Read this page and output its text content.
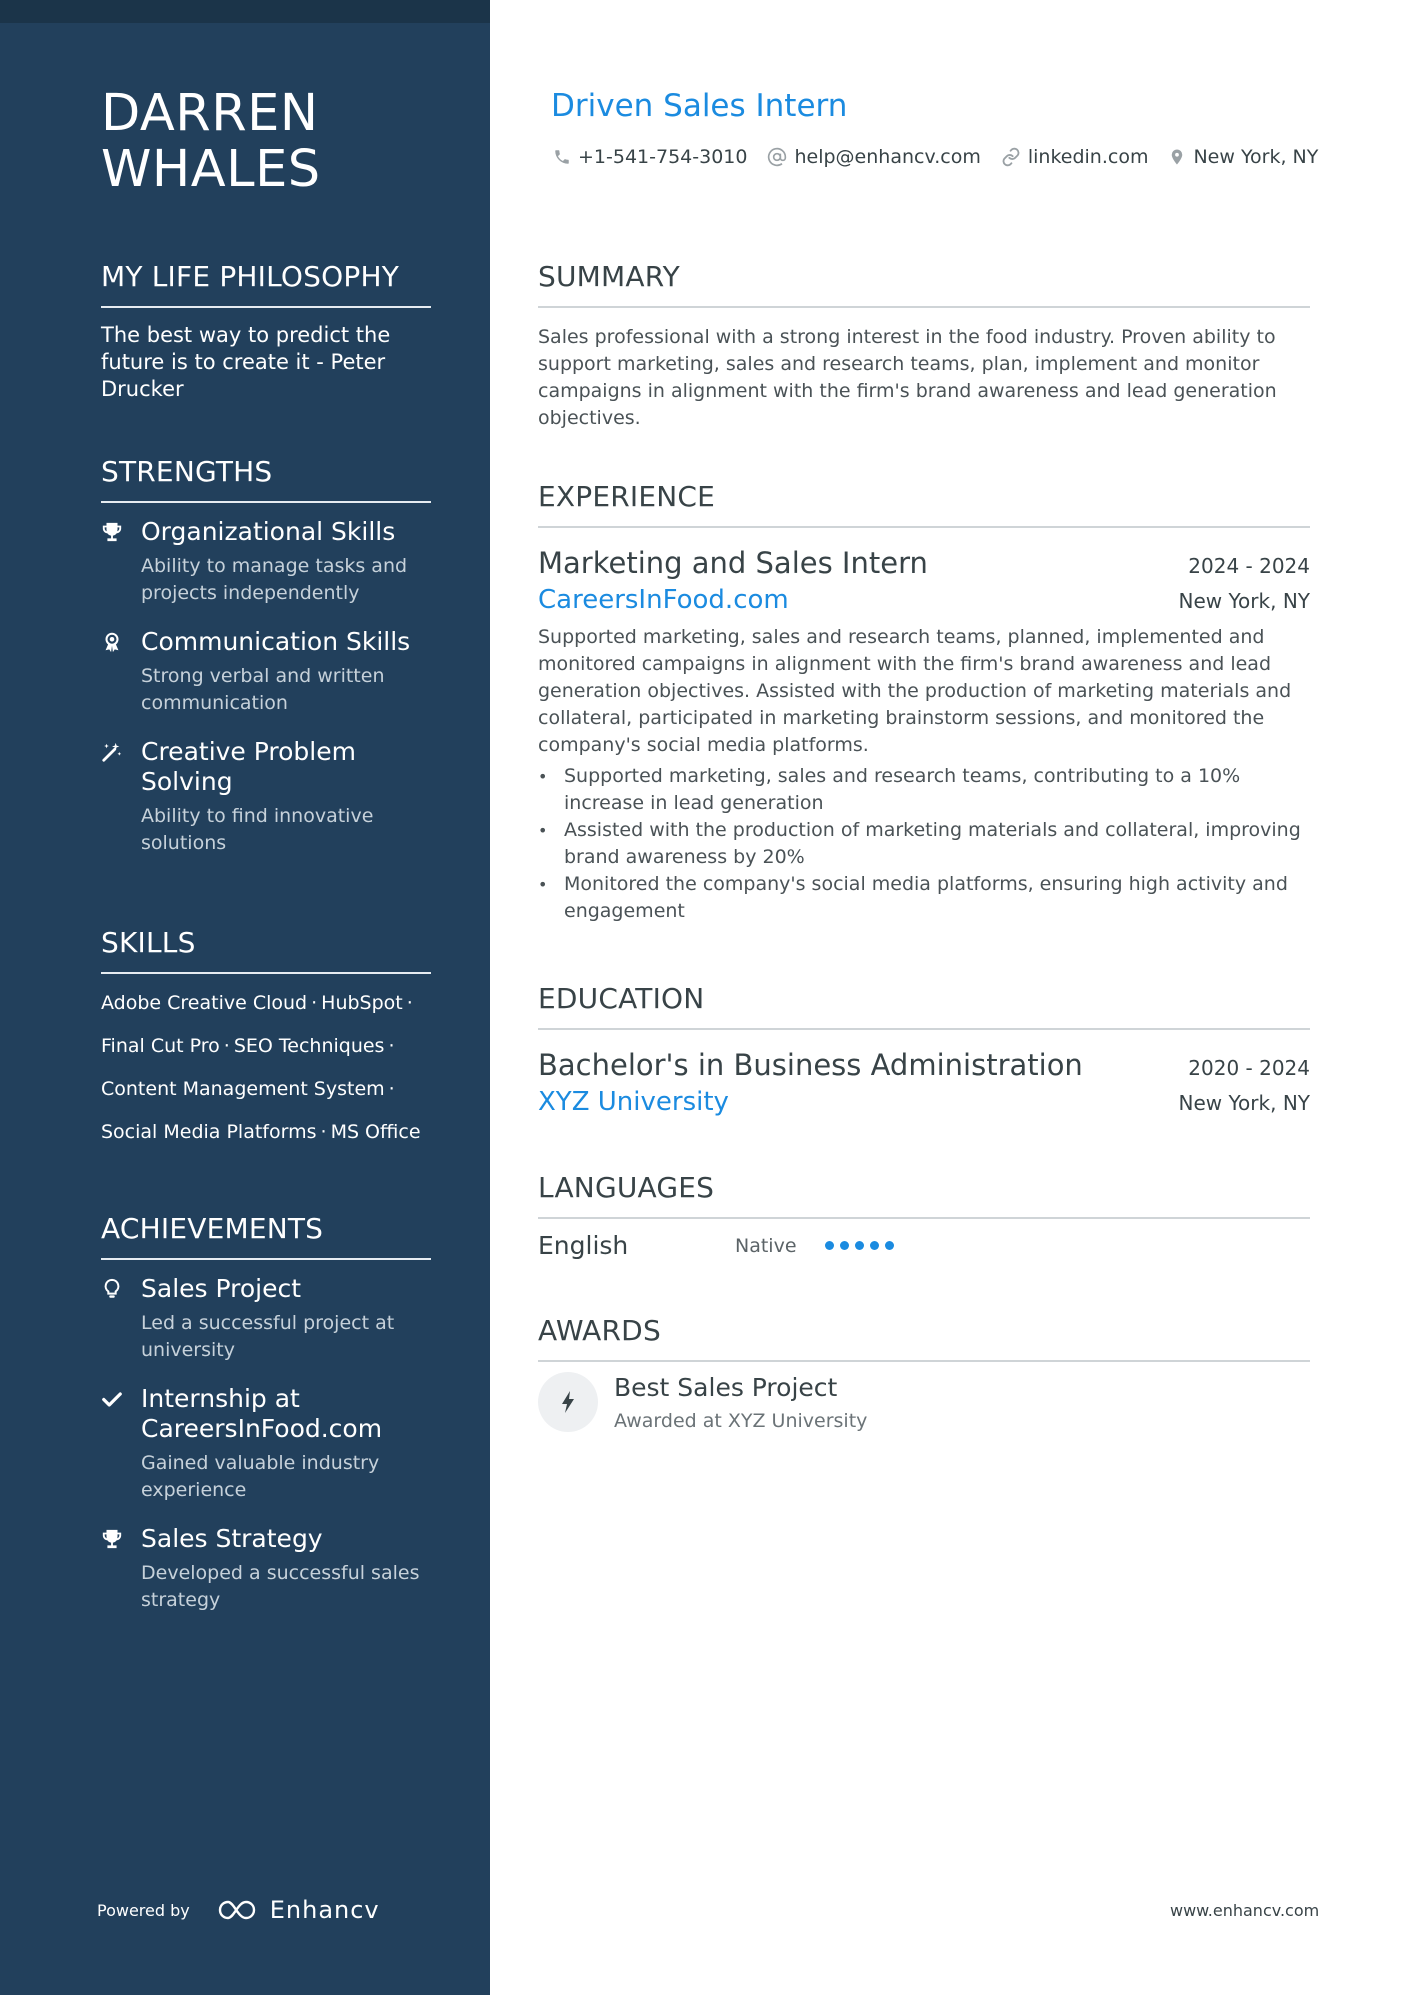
DARREN
WHALES
MY LIFE PHILOSOPHY
The best way to predict the future is to create it - Peter Drucker
STRENGTHS
Organizational Skills
Ability to manage tasks and projects independently
Communication Skills
Strong verbal and written communication
Creative Problem Solving
Ability to find innovative solutions
SKILLS
Adobe Creative Cloud · HubSpot ·
Final Cut Pro · SEO Techniques ·
Content Management System ·
Social Media Platforms · MS Office
ACHIEVEMENTS
Sales Project
Led a successful project at university
Internship at CareersInFood.com
Gained valuable industry experience
Sales Strategy
Developed a successful sales strategy
Powered by	Enhancv
Driven Sales Intern
+1-541-754-3010 help@enhancv.com linkedin.com New York, NY
SUMMARY
Sales professional with a strong interest in the food industry. Proven ability to support marketing, sales and research teams, plan, implement and monitor campaigns in alignment with the firm's brand awareness and lead generation objectives.
EXPERIENCE
Marketing and Sales Intern	2024 - 2024
CareersInFood.com	New York, NY
Supported marketing, sales and research teams, planned, implemented and monitored campaigns in alignment with the firm's brand awareness and lead generation objectives. Assisted with the production of marketing materials and collateral, participated in marketing brainstorm sessions, and monitored the company's social media platforms.
• Supported marketing, sales and research teams, contributing to a 10% increase in lead generation
• Assisted with the production of marketing materials and collateral, improving brand awareness by 20%
• Monitored the company's social media platforms, ensuring high activity and engagement
EDUCATION
Bachelor's in Business Administration	2020 - 2024
XYZ University	New York, NY
LANGUAGES
English	Native
AWARDS
Best Sales Project
Awarded at XYZ University
www.enhancv.com
